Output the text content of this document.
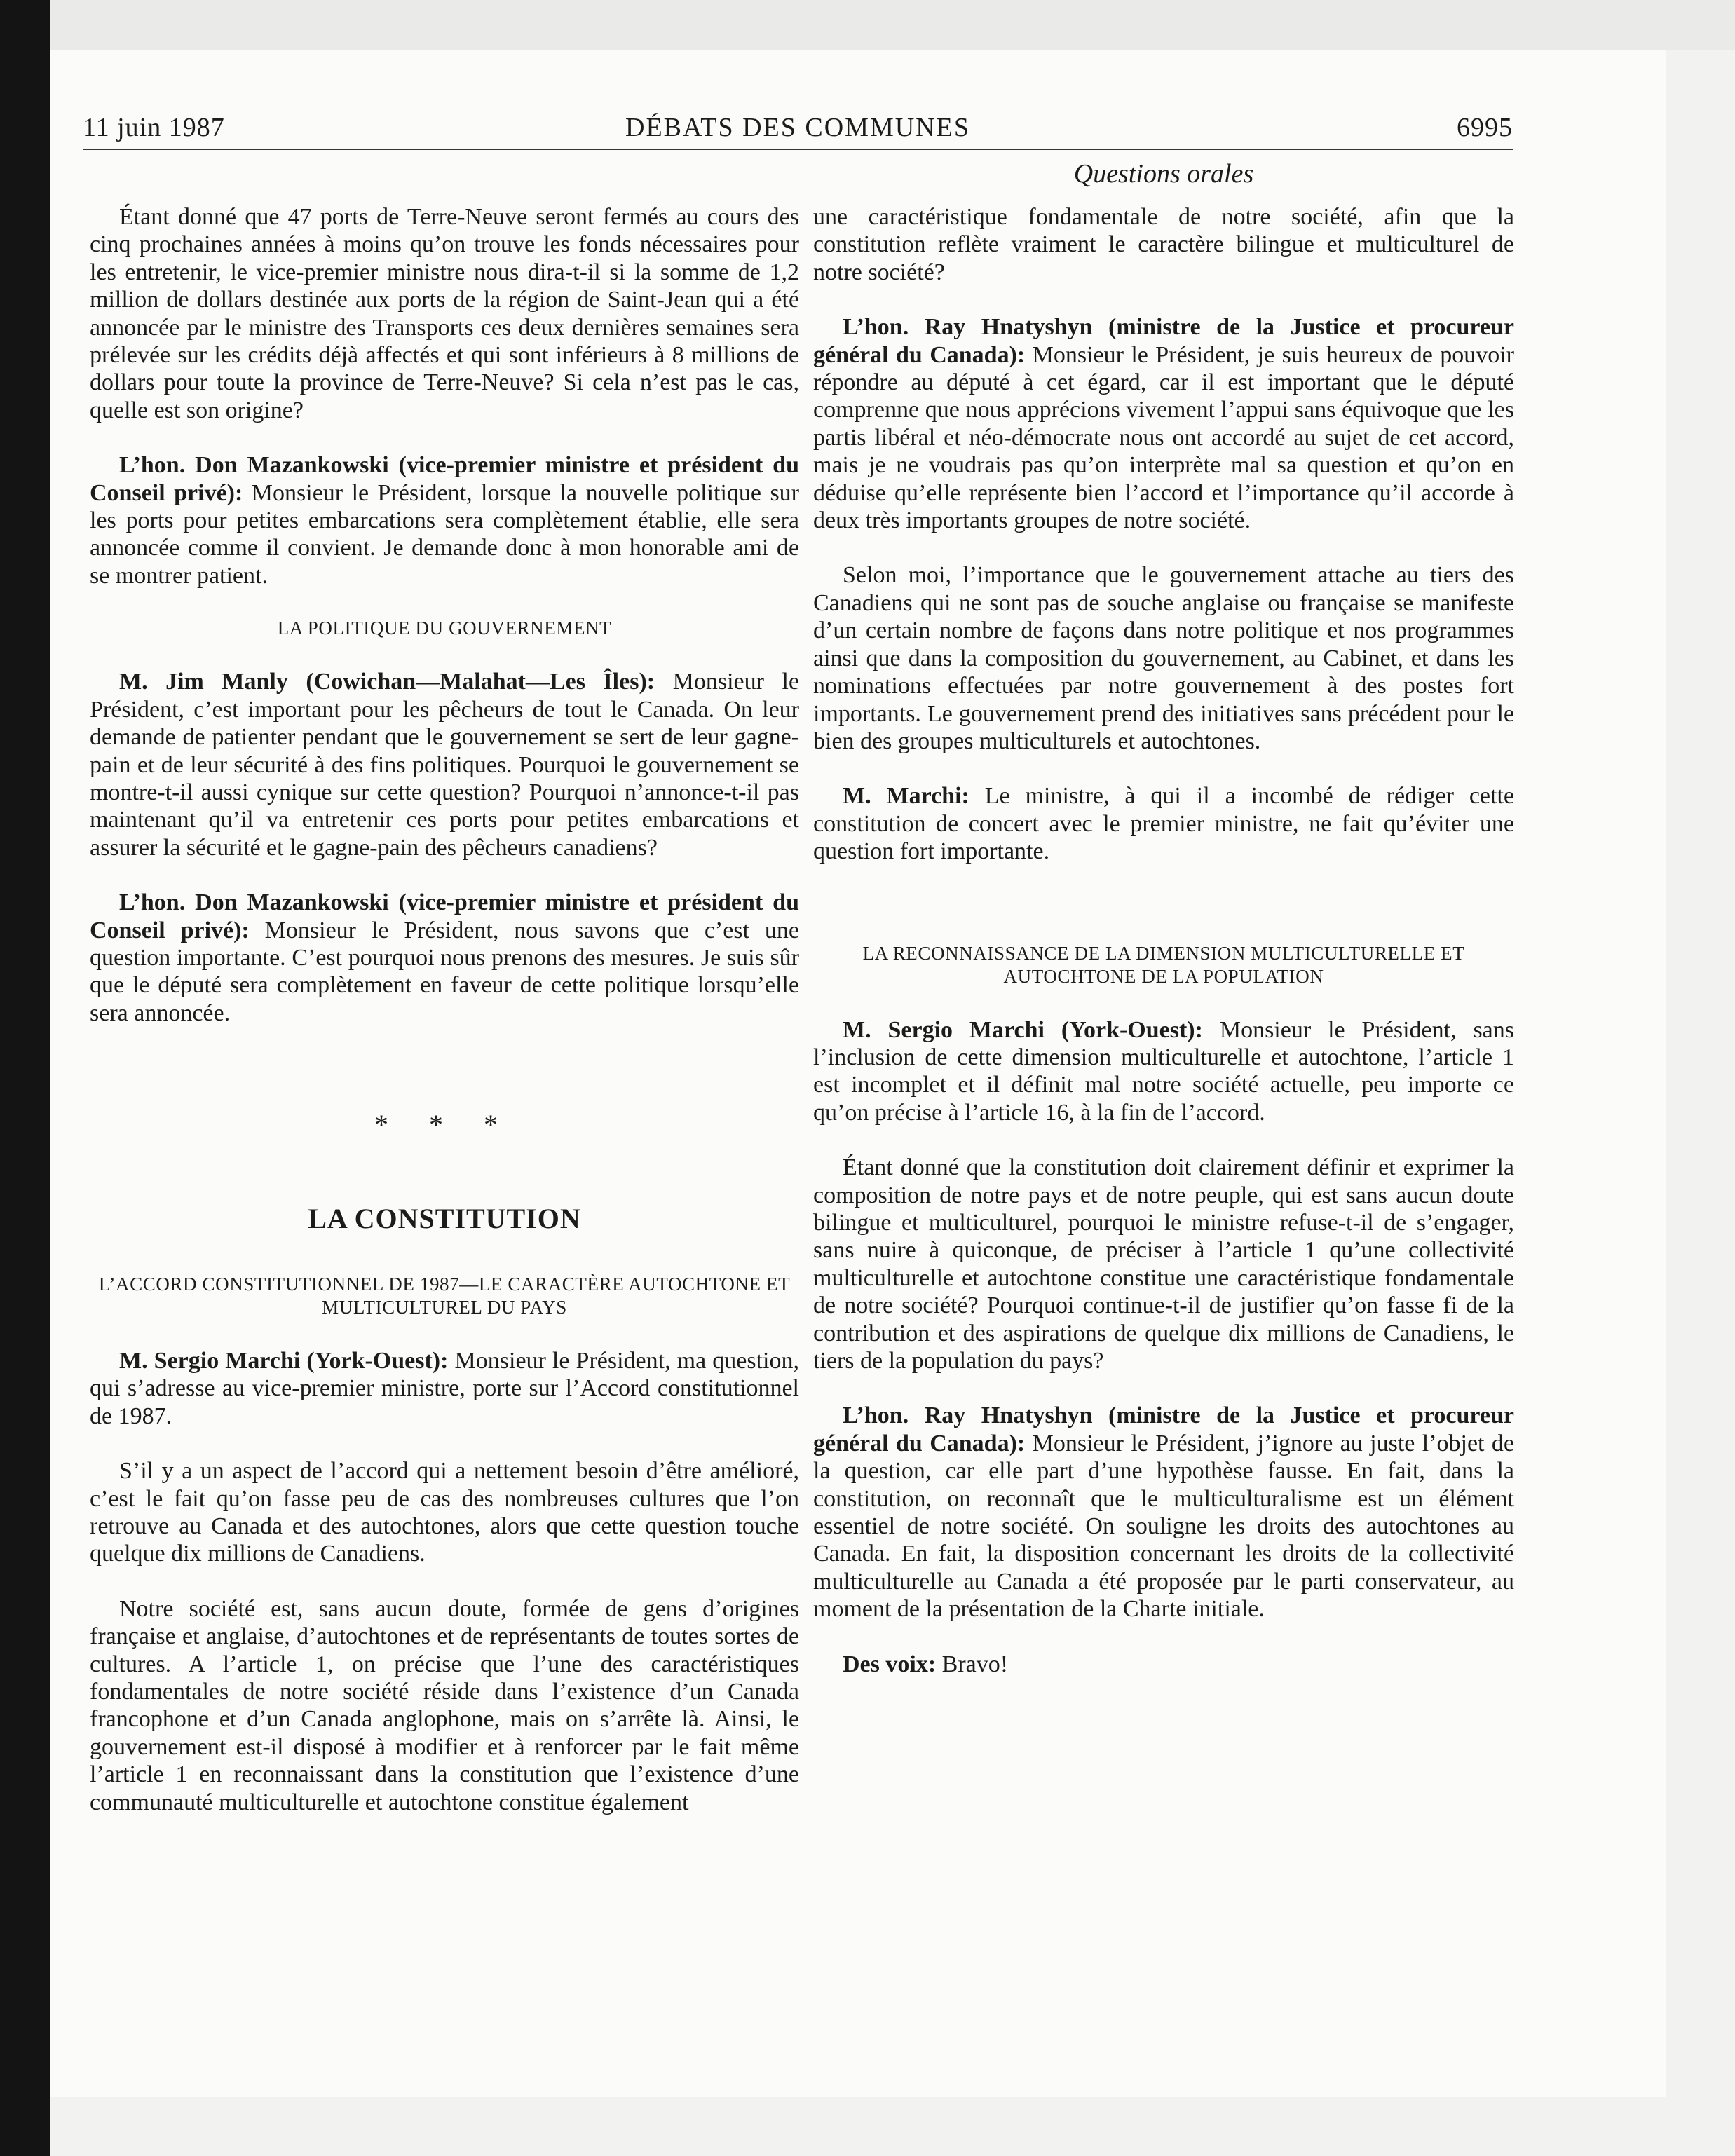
11 juin 1987	DÉBATS DES COMMUNES	6995
Questions orales

Étant donné que 47 ports de Terre-Neuve seront fermés au cours des cinq prochaines années à moins qu’on trouve les fonds nécessaires pour les entretenir, le vice-premier ministre nous dira-t-il si la somme de 1,2 million de dollars destinée aux ports de la région de Saint-Jean qui a été annoncée par le ministre des Transports ces deux dernières semaines sera prélevée sur les crédits déjà affectés et qui sont inférieurs à 8 millions de dollars pour toute la province de Terre-Neuve? Si cela n’est pas le cas, quelle est son origine?

L’hon. Don Mazankowski (vice-premier ministre et président du Conseil privé): Monsieur le Président, lorsque la nouvelle politique sur les ports pour petites embarcations sera complètement établie, elle sera annoncée comme il convient. Je demande donc à mon honorable ami de se montrer patient.

LA POLITIQUE DU GOUVERNEMENT

M. Jim Manly (Cowichan—Malahat—Les Îles): Monsieur le Président, c’est important pour les pêcheurs de tout le Canada. On leur demande de patienter pendant que le gouvernement se sert de leur gagne-pain et de leur sécurité à des fins politiques. Pourquoi le gouvernement se montre-t-il aussi cynique sur cette question? Pourquoi n’annonce-t-il pas maintenant qu’il va entretenir ces ports pour petites embarcations et assurer la sécurité et le gagne-pain des pêcheurs canadiens?

L’hon. Don Mazankowski (vice-premier ministre et président du Conseil privé): Monsieur le Président, nous savons que c’est une question importante. C’est pourquoi nous prenons des mesures. Je suis sûr que le député sera complètement en faveur de cette politique lorsqu’elle sera annoncée.

* * *
LA CONSTITUTION
L’ACCORD CONSTITUTIONNEL DE 1987—LE CARACTÈRE AUTOCHTONE ET MULTICULTUREL DU PAYS

M. Sergio Marchi (York-Ouest): Monsieur le Président, ma question, qui s’adresse au vice-premier ministre, porte sur l’Accord constitutionnel de 1987.

S’il y a un aspect de l’accord qui a nettement besoin d’être amélioré, c’est le fait qu’on fasse peu de cas des nombreuses cultures que l’on retrouve au Canada et des autochtones, alors que cette question touche quelque dix millions de Canadiens.

Notre société est, sans aucun doute, formée de gens d’origines française et anglaise, d’autochtones et de représentants de toutes sortes de cultures. A l’article 1, on précise que l’une des caractéristiques fondamentales de notre société réside dans l’existence d’un Canada francophone et d’un Canada anglophone, mais on s’arrête là. Ainsi, le gouvernement est-il disposé à modifier et à renforcer par le fait même l’article 1 en reconnaissant dans la constitution que l’existence d’une communauté multiculturelle et autochtone constitue également

une caractéristique fondamentale de notre société, afin que la constitution reflète vraiment le caractère bilingue et multiculturel de notre société?

L’hon. Ray Hnatyshyn (ministre de la Justice et procureur général du Canada): Monsieur le Président, je suis heureux de pouvoir répondre au député à cet égard, car il est important que le député comprenne que nous apprécions vivement l’appui sans équivoque que les partis libéral et néo-démocrate nous ont accordé au sujet de cet accord, mais je ne voudrais pas qu’on interprète mal sa question et qu’on en déduise qu’elle représente bien l’accord et l’importance qu’il accorde à deux très importants groupes de notre société.

Selon moi, l’importance que le gouvernement attache au tiers des Canadiens qui ne sont pas de souche anglaise ou française se manifeste d’un certain nombre de façons dans notre politique et nos programmes ainsi que dans la composition du gouvernement, au Cabinet, et dans les nominations effectuées par notre gouvernement à des postes fort importants. Le gouvernement prend des initiatives sans précédent pour le bien des groupes multiculturels et autochtones.

M. Marchi: Le ministre, à qui il a incombé de rédiger cette constitution de concert avec le premier ministre, ne fait qu’éviter une question fort importante.

LA RECONNAISSANCE DE LA DIMENSION MULTICULTURELLE ET AUTOCHTONE DE LA POPULATION

M. Sergio Marchi (York-Ouest): Monsieur le Président, sans l’inclusion de cette dimension multiculturelle et autochtone, l’article 1 est incomplet et il définit mal notre société actuelle, peu importe ce qu’on précise à l’article 16, à la fin de l’accord.

Étant donné que la constitution doit clairement définir et exprimer la composition de notre pays et de notre peuple, qui est sans aucun doute bilingue et multiculturel, pourquoi le ministre refuse-t-il de s’engager, sans nuire à quiconque, de préciser à l’article 1 qu’une collectivité multiculturelle et autochtone constitue une caractéristique fondamentale de notre société? Pourquoi continue-t-il de justifier qu’on fasse fi de la contribution et des aspirations de quelque dix millions de Canadiens, le tiers de la population du pays?

L’hon. Ray Hnatyshyn (ministre de la Justice et procureur général du Canada): Monsieur le Président, j’ignore au juste l’objet de la question, car elle part d’une hypothèse fausse. En fait, dans la constitution, on reconnaît que le multiculturalisme est un élément essentiel de notre société. On souligne les droits des autochtones au Canada. En fait, la disposition concernant les droits de la collectivité multiculturelle au Canada a été proposée par le parti conservateur, au moment de la présentation de la Charte initiale.

Des voix: Bravo!
